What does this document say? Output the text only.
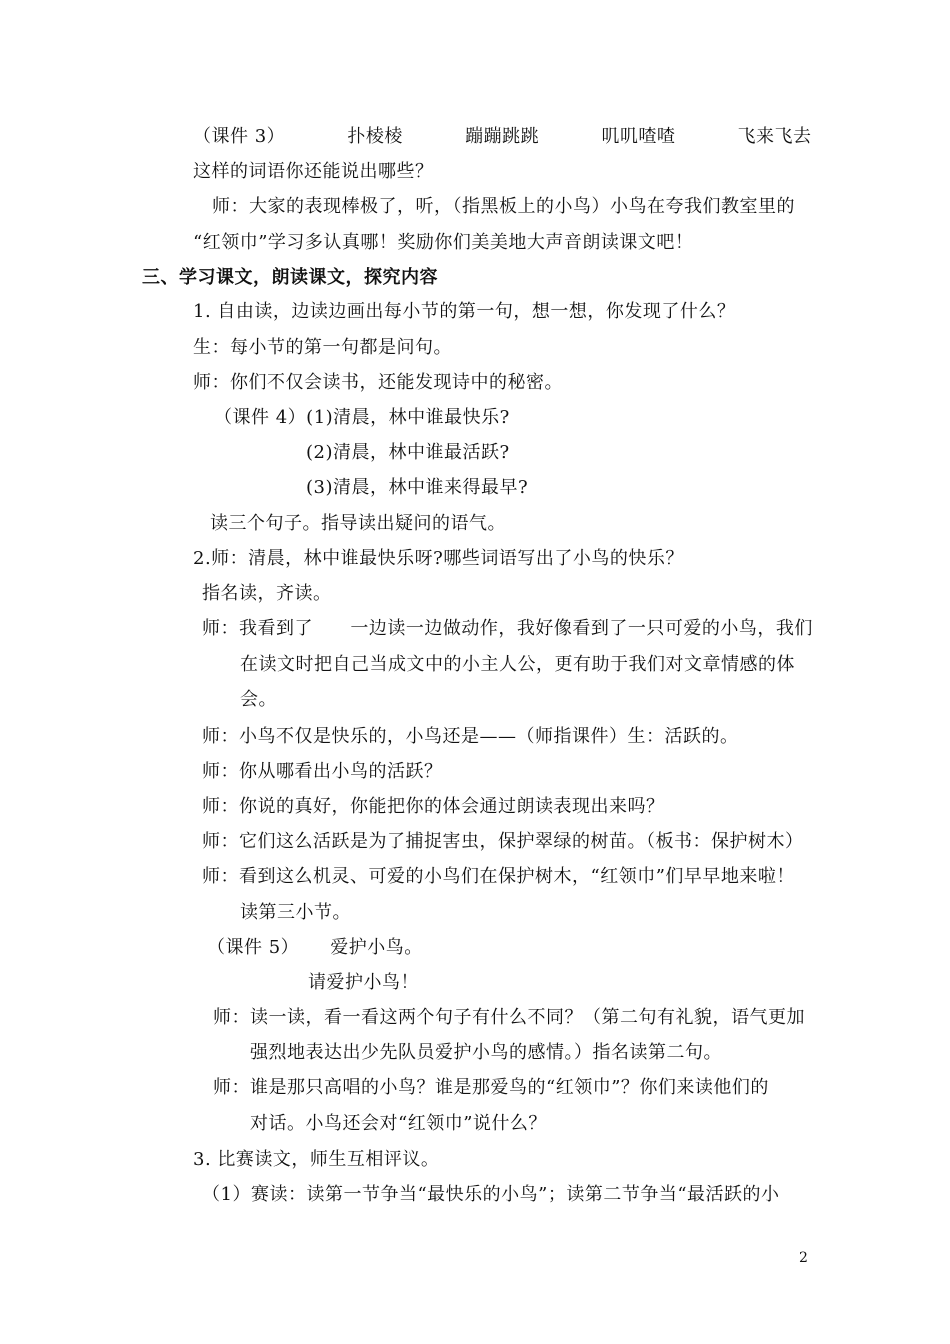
（课件 3）          扑棱棱          蹦蹦跳跳          叽叽喳喳          飞来飞去
这样的词语你还能说出哪些？
师：大家的表现棒极了，听，（指黑板上的小鸟）小鸟在夸我们教室里的
“红领巾”学习多认真哪！奖励你们美美地大声音朗读课文吧！
三、学习课文，朗读课文，探究内容
1. 自由读，边读边画出每小节的第一句，想一想，你发现了什么？
生：每小节的第一句都是问句。
师：你们不仅会读书，还能发现诗中的秘密。
（课件 4）(1)清晨，林中谁最快乐?
(2)清晨，林中谁最活跃?
(3)清晨，林中谁来得最早?
读三个句子。指导读出疑问的语气。
2.师：清晨，林中谁最快乐呀?哪些词语写出了小鸟的快乐？
指名读，齐读。
师：我看到了      一边读一边做动作，我好像看到了一只可爱的小鸟，我们
在读文时把自己当成文中的小主人公，更有助于我们对文章情感的体
会。
师：小鸟不仅是快乐的，小鸟还是——（师指课件）生：活跃的。
师：你从哪看出小鸟的活跃？
师：你说的真好，你能把你的体会通过朗读表现出来吗？
师：它们这么活跃是为了捕捉害虫，保护翠绿的树苗。（板书：保护树木）
师：看到这么机灵、可爱的小鸟们在保护树木，“红领巾”们早早地来啦！
读第三小节。
（课件 5）     爱护小鸟。
请爱护小鸟！
师：读一读，看一看这两个句子有什么不同？（第二句有礼貌，语气更加
强烈地表达出少先队员爱护小鸟的感情。）指名读第二句。
师：谁是那只高唱的小鸟？谁是那爱鸟的“红领巾”？你们来读他们的
对话。小鸟还会对“红领巾”说什么？
3. 比赛读文，师生互相评议。
（1）赛读：读第一节争当“最快乐的小鸟”；读第二节争当“最活跃的小
2
